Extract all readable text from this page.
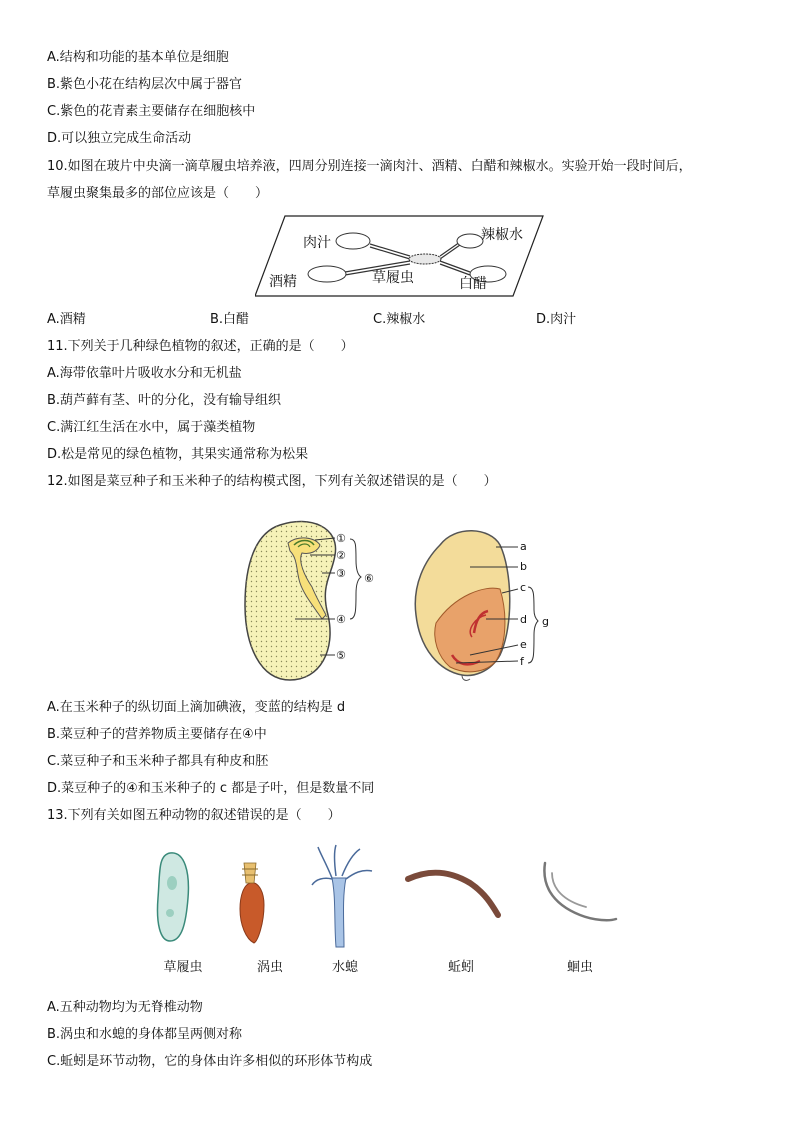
A.结构和功能的基本单位是细胞
B.紫色小花在结构层次中属于器官
C.紫色的花青素主要储存在细胞核中
D.可以独立完成生命活动
10.如图在玻片中央滴一滴草履虫培养液，四周分别连接一滴肉汁、酒精、白醋和辣椒水。实验开始一段时间后，
草履虫聚集最多的部位应该是（　　）
肉汁	辣椒水
酒精	白醋
草履虫
A.酒精	B.白醋	C.辣椒水	D.肉汁
11.下列关于几种绿色植物的叙述，正确的是（　　）
A.海带依靠叶片吸收水分和无机盐
B.葫芦藓有茎、叶的分化，没有输导组织
C.满江红生活在水中，属于藻类植物
D.松是常见的绿色植物，其果实通常称为松果
12.如图是菜豆种子和玉米种子的结构模式图，下列有关叙述错误的是（　　）
①
②
③
④
⑤
⑥
a
b
c
d
e
f
g
A.在玉米种子的纵切面上滴加碘液，变蓝的结构是 d
B.菜豆种子的营养物质主要储存在④中
C.菜豆种子和玉米种子都具有种皮和胚
D.菜豆种子的④和玉米种子的 c 都是子叶，但是数量不同
13.下列有关如图五种动物的叙述错误的是（　　）
草履虫	涡虫	水螅	蚯蚓	蛔虫
A.五种动物均为无脊椎动物
B.涡虫和水螅的身体都呈两侧对称
C.蚯蚓是环节动物，它的身体由许多相似的环形体节构成
